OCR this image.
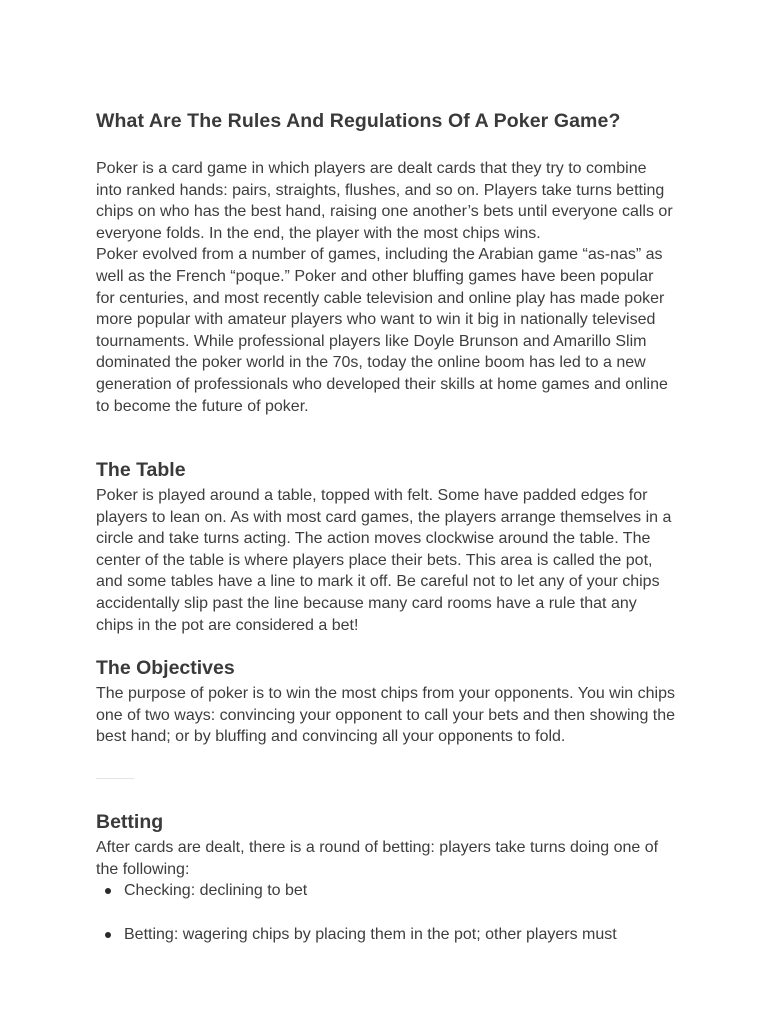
What Are The Rules And Regulations Of A Poker Game?

Poker is a card game in which players are dealt cards that they try to combine into ranked hands: pairs, straights, flushes, and so on. Players take turns betting chips on who has the best hand, raising one another’s bets until everyone calls or everyone folds. In the end, the player with the most chips wins.

Poker evolved from a number of games, including the Arabian game “as-nas” as well as the French “poque.” Poker and other bluffing games have been popular for centuries, and most recently cable television and online play has made poker more popular with amateur players who want to win it big in nationally televised tournaments. While professional players like Doyle Brunson and Amarillo Slim dominated the poker world in the 70s, today the online boom has led to a new generation of professionals who developed their skills at home games and online to become the future of poker.

The Table

Poker is played around a table, topped with felt. Some have padded edges for players to lean on. As with most card games, the players arrange themselves in a circle and take turns acting. The action moves clockwise around the table. The center of the table is where players place their bets. This area is called the pot, and some tables have a line to mark it off. Be careful not to let any of your chips accidentally slip past the line because many card rooms have a rule that any chips in the pot are considered a bet!

The Objectives

The purpose of poker is to win the most chips from your opponents. You win chips one of two ways: convincing your opponent to call your bets and then showing the best hand; or by bluffing and convincing all your opponents to fold.

Betting

After cards are dealt, there is a round of betting: players take turns doing one of the following:

Checking: declining to bet
Betting: wagering chips by placing them in the pot; other players must
